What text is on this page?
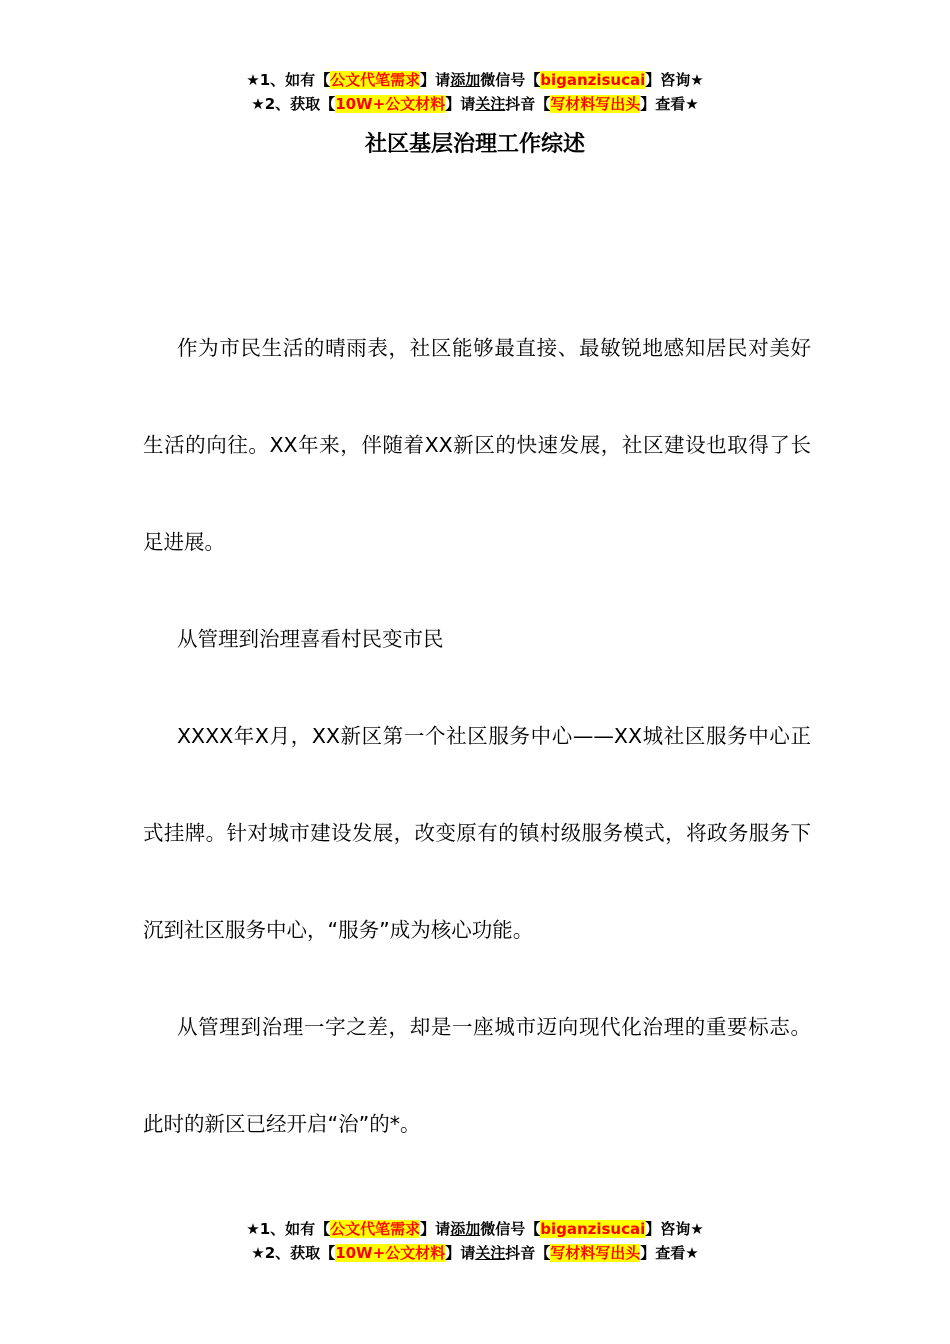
★1、如有【公文代笔需求】请添加微信号【biganzisucai】咨询★
★2、获取【10W+公文材料】请关注抖音【写材料写出头】查看★
社区基层治理工作综述

作为市民生活的晴雨表，社区能够最直接、最敏锐地感知居民对美好生活的向往。XX年来，伴随着XX新区的快速发展，社区建设也取得了长足进展。

从管理到治理喜看村民变市民

XXXX年X月，XX新区第一个社区服务中心——XX城社区服务中心正式挂牌。针对城市建设发展，改变原有的镇村级服务模式，将政务服务下沉到社区服务中心，“服务”成为核心功能。

从管理到治理一字之差，却是一座城市迈向现代化治理的重要标志。此时的新区已经开启“治”的*。

★1、如有【公文代笔需求】请添加微信号【biganzisucai】咨询★
★2、获取【10W+公文材料】请关注抖音【写材料写出头】查看★
